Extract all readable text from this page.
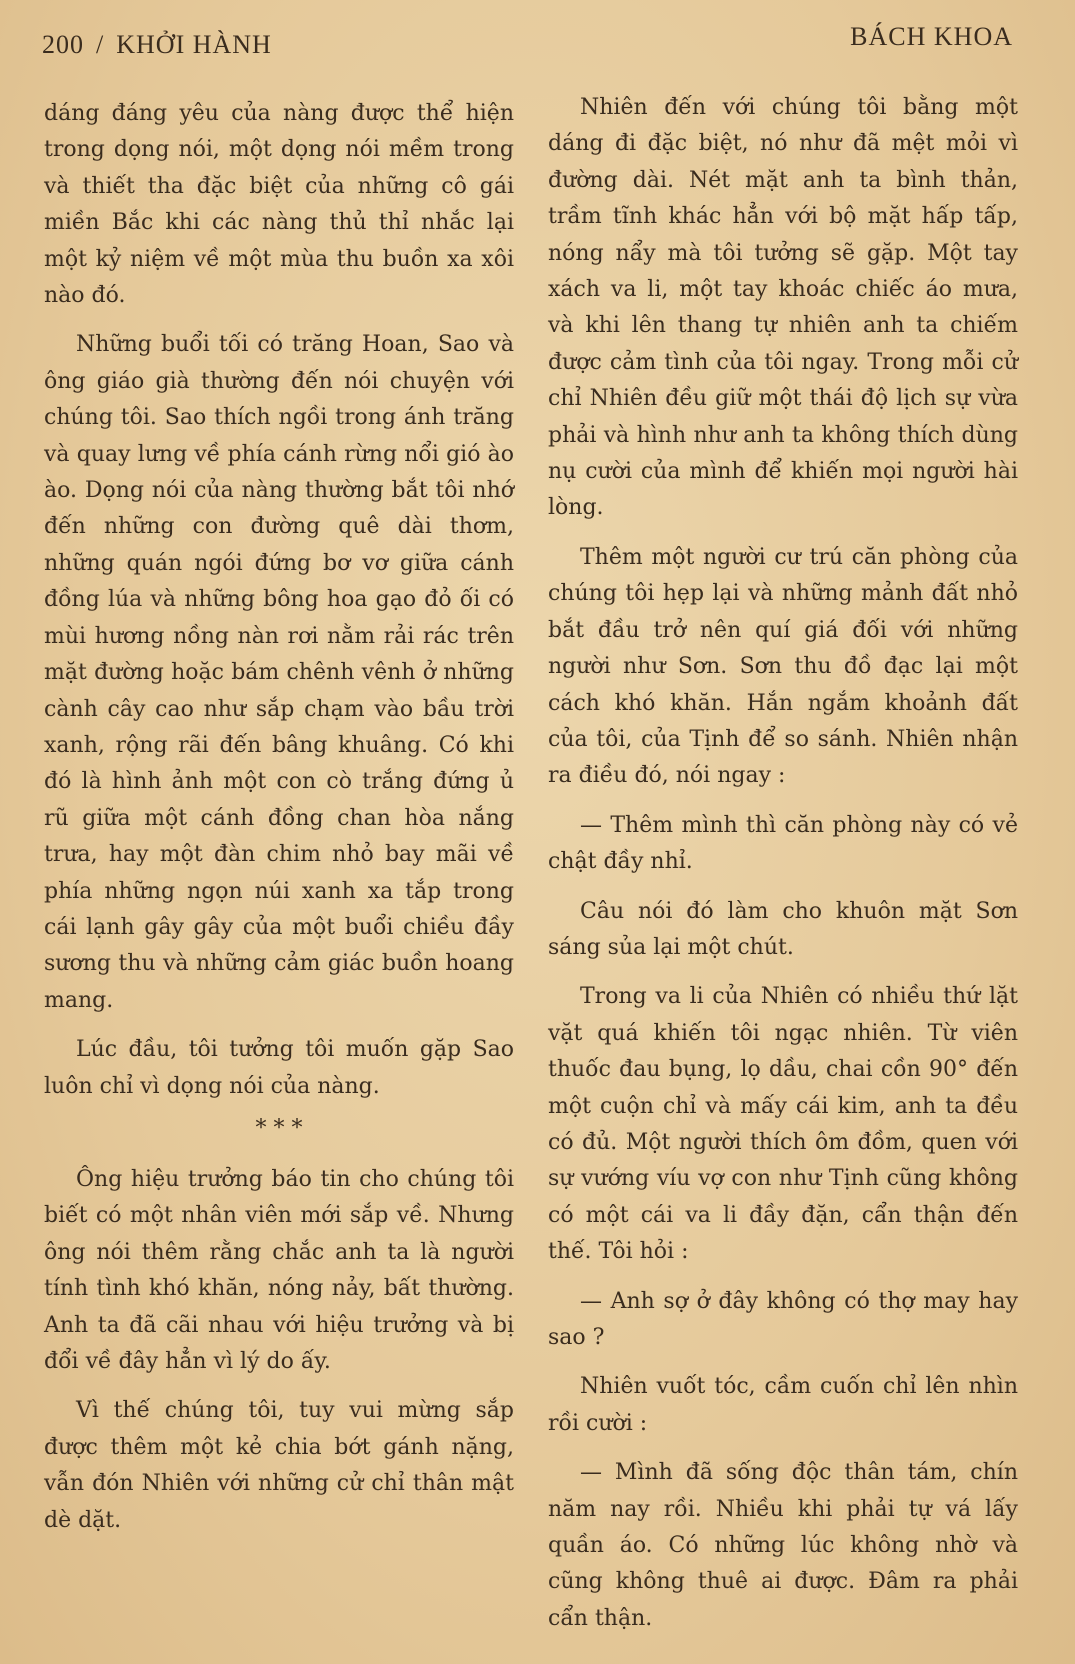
200 / KHỞI HÀNH	BÁCH KHOA

dáng đáng yêu của nàng được thể hiện trong dọng nói, một dọng nói mềm trong và thiết tha đặc biệt của những cô gái miền Bắc khi các nàng thủ thỉ nhắc lại một kỷ niệm về một mùa thu buồn xa xôi nào đó.

Những buổi tối có trăng Hoan, Sao và ông giáo già thường đến nói chuyện với chúng tôi. Sao thích ngồi trong ánh trăng và quay lưng về phía cánh rừng nổi gió ào ào. Dọng nói của nàng thường bắt tôi nhớ đến những con đường quê dài thơm, những quán ngói đứng bơ vơ giữa cánh đồng lúa và những bông hoa gạo đỏ ối có mùi hương nồng nàn rơi nằm rải rác trên mặt đường hoặc bám chênh vênh ở những cành cây cao như sắp chạm vào bầu trời xanh, rộng rãi đến bâng khuâng. Có khi đó là hình ảnh một con cò trắng đứng ủ rũ giữa một cánh đồng chan hòa nắng trưa, hay một đàn chim nhỏ bay mãi về phía những ngọn núi xanh xa tắp trong cái lạnh gây gây của một buổi chiều đầy sương thu và những cảm giác buồn hoang mang.

Lúc đầu, tôi tưởng tôi muốn gặp Sao luôn chỉ vì dọng nói của nàng.

* * *

Ông hiệu trưởng báo tin cho chúng tôi biết có một nhân viên mới sắp về. Nhưng ông nói thêm rằng chắc anh ta là người tính tình khó khăn, nóng nảy, bất thường. Anh ta đã cãi nhau với hiệu trưởng và bị đổi về đây hẳn vì lý do ấy.

Vì thế chúng tôi, tuy vui mừng sắp được thêm một kẻ chia bớt gánh nặng, vẫn đón Nhiên với những cử chỉ thân mật dè dặt.

Nhiên đến với chúng tôi bằng một dáng đi đặc biệt, nó như đã mệt mỏi vì đường dài. Nét mặt anh ta bình thản, trầm tĩnh khác hẳn với bộ mặt hấp tấp, nóng nẩy mà tôi tưởng sẽ gặp. Một tay xách va li, một tay khoác chiếc áo mưa, và khi lên thang tự nhiên anh ta chiếm được cảm tình của tôi ngay. Trong mỗi cử chỉ Nhiên đều giữ một thái độ lịch sự vừa phải và hình như anh ta không thích dùng nụ cười của mình để khiến mọi người hài lòng.

Thêm một người cư trú căn phòng của chúng tôi hẹp lại và những mảnh đất nhỏ bắt đầu trở nên quí giá đối với những người như Sơn. Sơn thu đồ đạc lại một cách khó khăn. Hắn ngắm khoảnh đất của tôi, của Tịnh để so sánh. Nhiên nhận ra điều đó, nói ngay :

— Thêm mình thì căn phòng này có vẻ chật đầy nhỉ.

Câu nói đó làm cho khuôn mặt Sơn sáng sủa lại một chút.

Trong va li của Nhiên có nhiều thứ lặt vặt quá khiến tôi ngạc nhiên. Từ viên thuốc đau bụng, lọ dầu, chai cồn 90° đến một cuộn chỉ và mấy cái kim, anh ta đều có đủ. Một người thích ôm đồm, quen với sự vướng víu vợ con như Tịnh cũng không có một cái va li đầy đặn, cẩn thận đến thế. Tôi hỏi :

— Anh sợ ở đây không có thợ may hay sao ?

Nhiên vuốt tóc, cầm cuốn chỉ lên nhìn rồi cười :

— Mình đã sống độc thân tám, chín năm nay rồi. Nhiều khi phải tự vá lấy quần áo. Có những lúc không nhờ và cũng không thuê ai được. Đâm ra phải cẩn thận.
